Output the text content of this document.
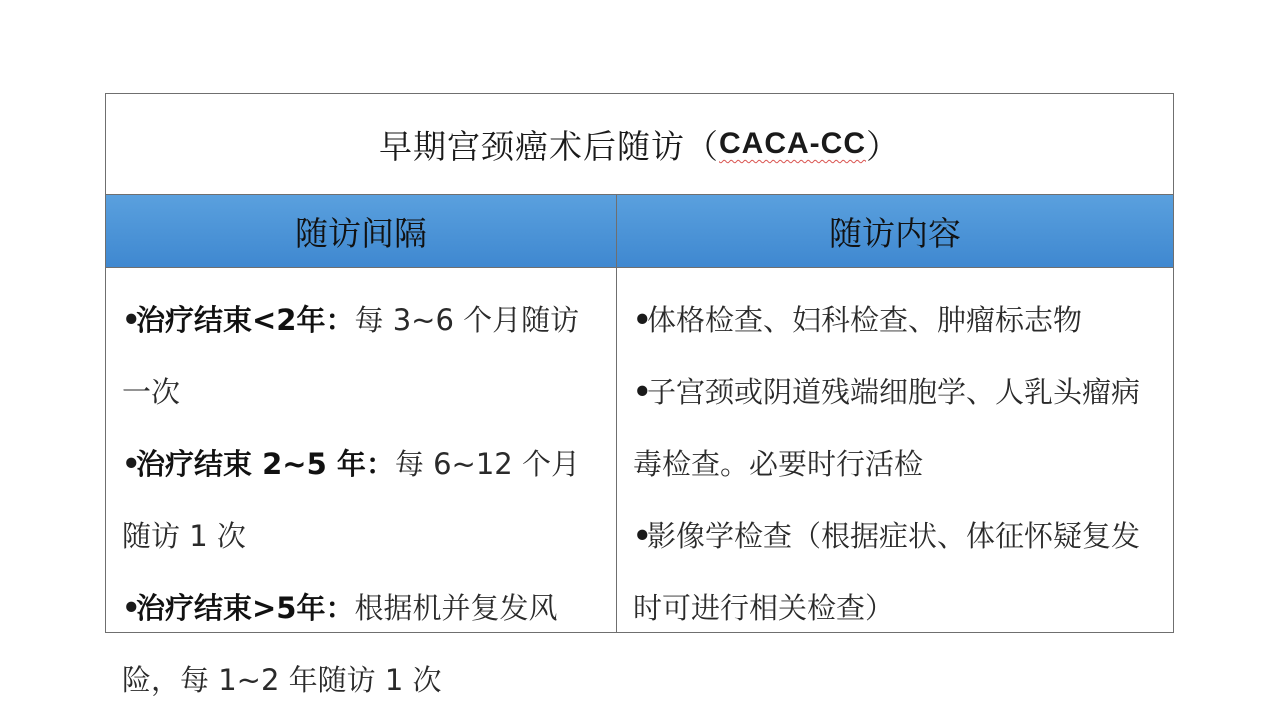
早期宫颈癌术后随访（ CACA-CC ）
随访间隔	随访内容

•治疗结束<2年：每 3~6 个月随访一次

•治疗结束 2~5 年：每 6~12 个月随访 1 次

•治疗结束>5年：根据机并复发风险，每 1~2 年随访 1 次

•体格检查、妇科检查、肿瘤标志物

•子宫颈或阴道残端细胞学、人乳头瘤病毒检查。必要时行活检

•影像学检查（根据症状、体征怀疑复发时可进行相关检查）
